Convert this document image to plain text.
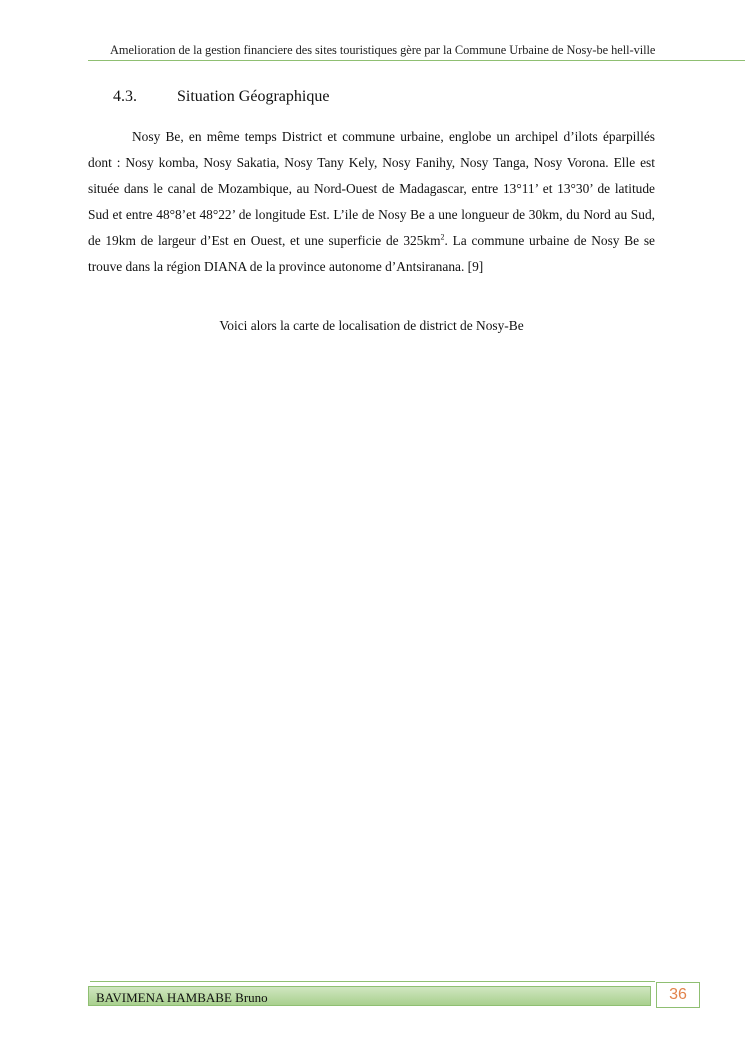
Amelioration de la gestion financiere des sites touristiques gère par la Commune Urbaine de Nosy-be hell-ville
4.3.	Situation Géographique

Nosy Be, en même temps District et commune urbaine, englobe un archipel d’ilots éparpillés dont : Nosy komba, Nosy Sakatia, Nosy Tany Kely, Nosy Fanihy, Nosy Tanga, Nosy Vorona. Elle est située dans le canal de Mozambique, au Nord-Ouest de Madagascar, entre 13°11’ et 13°30’ de latitude Sud et entre 48°8’et 48°22’ de longitude Est. L’ile de Nosy Be a une longueur de 30km, du Nord au Sud, de 19km de largeur d’Est en Ouest, et une superficie de $325km^2$. La commune urbaine de Nosy Be se trouve dans la région DIANA de la province autonome d’Antsiranana. [9]

Voici alors la carte de localisation de district de Nosy-Be
BAVIMENA HAMBABE Bruno	36
